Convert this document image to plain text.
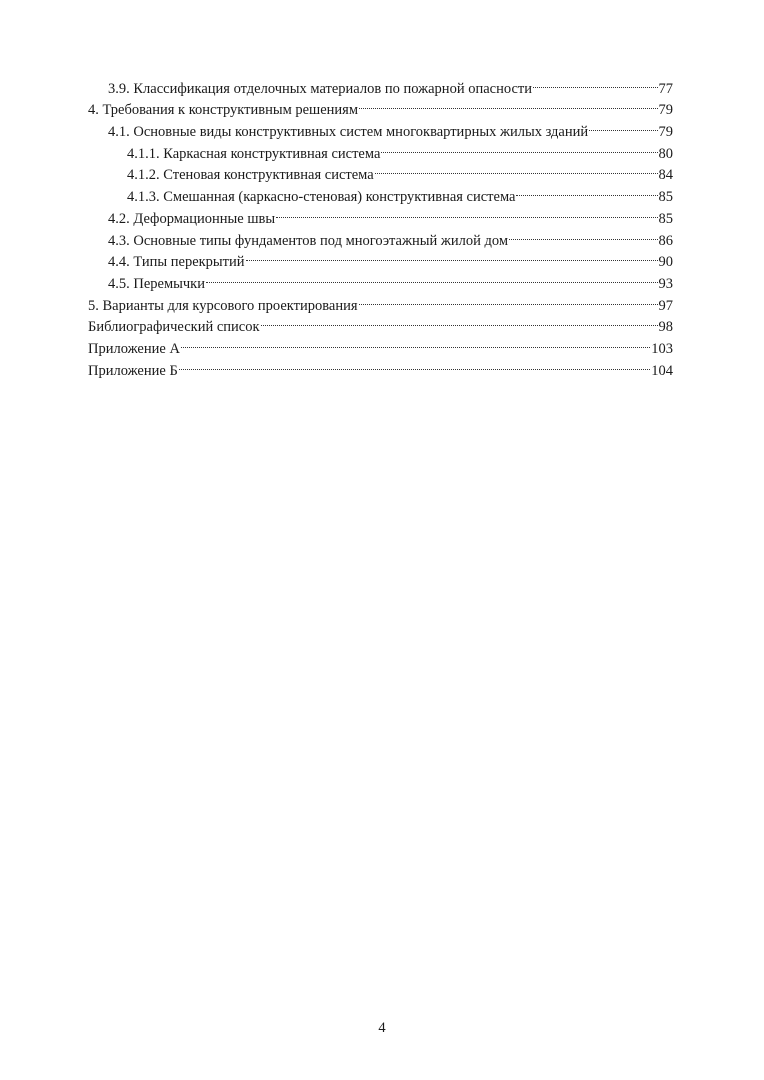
3.9. Классификация отделочных материалов по пожарной опасности	77
4. Требования к конструктивным решениям	79
4.1. Основные виды конструктивных систем многоквартирных жилых зданий	79
4.1.1. Каркасная конструктивная система	80
4.1.2. Стеновая конструктивная система	84
4.1.3. Смешанная (каркасно-стеновая) конструктивная система	85
4.2. Деформационные швы	85
4.3. Основные типы фундаментов под многоэтажный жилой дом	86
4.4. Типы перекрытий	90
4.5. Перемычки	93
5. Варианты для курсового проектирования	97
Библиографический список	98
Приложение А	103
Приложение Б	104
4
